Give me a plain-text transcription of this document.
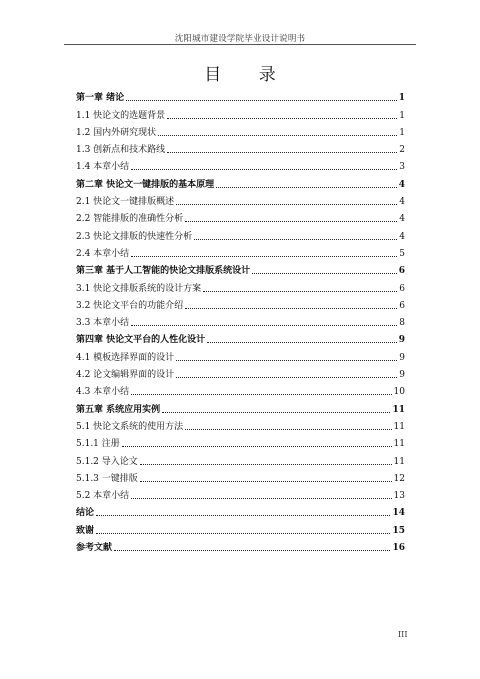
沈阳城市建设学院毕业设计说明书
目 录
第一章 绪论	1
1.1 快论文的选题背景	1
1.2 国内外研究现状	1
1.3 创新点和技术路线	2
1.4 本章小结	3
第二章 快论文一键排版的基本原理	4
2.1 快论文一键排版概述	4
2.2 智能排版的准确性分析	4
2.3 快论文排版的快速性分析	4
2.4 本章小结	5
第三章 基于人工智能的快论文排版系统设计	6
3.1 快论文排版系统的设计方案	6
3.2 快论文平台的功能介绍	6
3.3 本章小结	8
第四章 快论文平台的人性化设计	9
4.1 模板选择界面的设计	9
4.2 论文编辑界面的设计	9
4.3 本章小结	10
第五章 系统应用实例	11
5.1 快论文系统的使用方法	11
5.1.1 注册	11
5.1.2 导入论文	11
5.1.3 一键排版	12
5.2 本章小结	13
结论	14
致谢	15
参考文献	16
III
